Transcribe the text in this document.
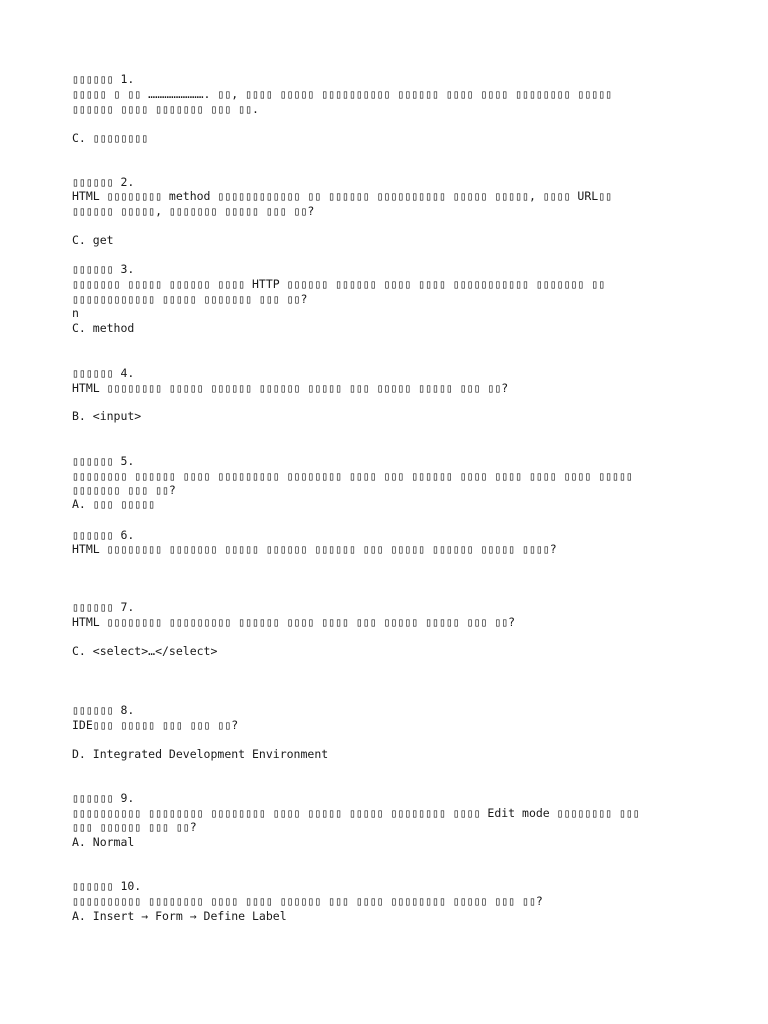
▯▯▯▯▯▯ 1.
▯▯▯▯▯ ▯ ▯▯ ……………………. ▯▯, ▯▯▯▯ ▯▯▯▯▯ ▯▯▯▯▯▯▯▯▯▯ ▯▯▯▯▯▯ ▯▯▯▯ ▯▯▯▯ ▯▯▯▯▯▯▯▯ ▯▯▯▯▯
▯▯▯▯▯▯ ▯▯▯▯ ▯▯▯▯▯▯▯ ▯▯▯ ▯▯.
C. ▯▯▯▯▯▯▯▯
▯▯▯▯▯▯ 2.
HTML ▯▯▯▯▯▯▯▯ method ▯▯▯▯▯▯▯▯▯▯▯▯ ▯▯ ▯▯▯▯▯▯ ▯▯▯▯▯▯▯▯▯▯ ▯▯▯▯▯ ▯▯▯▯▯, ▯▯▯▯ URL▯▯
▯▯▯▯▯▯ ▯▯▯▯▯, ▯▯▯▯▯▯▯ ▯▯▯▯▯ ▯▯▯ ▯▯?
C. get
▯▯▯▯▯▯ 3.
▯▯▯▯▯▯▯ ▯▯▯▯▯ ▯▯▯▯▯▯ ▯▯▯▯ HTTP ▯▯▯▯▯▯ ▯▯▯▯▯▯ ▯▯▯▯ ▯▯▯▯ ▯▯▯▯▯▯▯▯▯▯▯ ▯▯▯▯▯▯▯ ▯▯
▯▯▯▯▯▯▯▯▯▯▯▯ ▯▯▯▯▯ ▯▯▯▯▯▯▯ ▯▯▯ ▯▯?
n
C. method
▯▯▯▯▯▯ 4.
HTML ▯▯▯▯▯▯▯▯ ▯▯▯▯▯ ▯▯▯▯▯▯ ▯▯▯▯▯▯ ▯▯▯▯▯ ▯▯▯ ▯▯▯▯▯ ▯▯▯▯▯ ▯▯▯ ▯▯?
B. <input>
▯▯▯▯▯▯ 5.
▯▯▯▯▯▯▯▯ ▯▯▯▯▯▯ ▯▯▯▯ ▯▯▯▯▯▯▯▯▯ ▯▯▯▯▯▯▯▯ ▯▯▯▯ ▯▯▯ ▯▯▯▯▯▯ ▯▯▯▯ ▯▯▯▯ ▯▯▯▯ ▯▯▯▯ ▯▯▯▯▯
▯▯▯▯▯▯▯ ▯▯▯ ▯▯?
A. ▯▯▯ ▯▯▯▯▯
▯▯▯▯▯▯ 6.
HTML ▯▯▯▯▯▯▯▯ ▯▯▯▯▯▯▯ ▯▯▯▯▯ ▯▯▯▯▯▯ ▯▯▯▯▯▯ ▯▯▯ ▯▯▯▯▯ ▯▯▯▯▯▯ ▯▯▯▯▯ ▯▯▯▯?
▯▯▯▯▯▯ 7.
HTML ▯▯▯▯▯▯▯▯ ▯▯▯▯▯▯▯▯▯ ▯▯▯▯▯▯ ▯▯▯▯ ▯▯▯▯ ▯▯▯ ▯▯▯▯▯ ▯▯▯▯▯ ▯▯▯ ▯▯?
C. <select>…</select>
▯▯▯▯▯▯ 8.
IDE▯▯▯ ▯▯▯▯▯ ▯▯▯ ▯▯▯ ▯▯?
D. Integrated Development Environment
▯▯▯▯▯▯ 9.
▯▯▯▯▯▯▯▯▯▯ ▯▯▯▯▯▯▯▯ ▯▯▯▯▯▯▯▯ ▯▯▯▯ ▯▯▯▯▯ ▯▯▯▯▯ ▯▯▯▯▯▯▯▯ ▯▯▯▯ Edit mode ▯▯▯▯▯▯▯▯ ▯▯▯
▯▯▯ ▯▯▯▯▯▯ ▯▯▯ ▯▯?
A. Normal
▯▯▯▯▯▯ 10.
▯▯▯▯▯▯▯▯▯▯ ▯▯▯▯▯▯▯▯ ▯▯▯▯ ▯▯▯▯ ▯▯▯▯▯▯ ▯▯▯ ▯▯▯▯ ▯▯▯▯▯▯▯▯ ▯▯▯▯▯ ▯▯▯ ▯▯?
A. Insert → Form → Define Label
